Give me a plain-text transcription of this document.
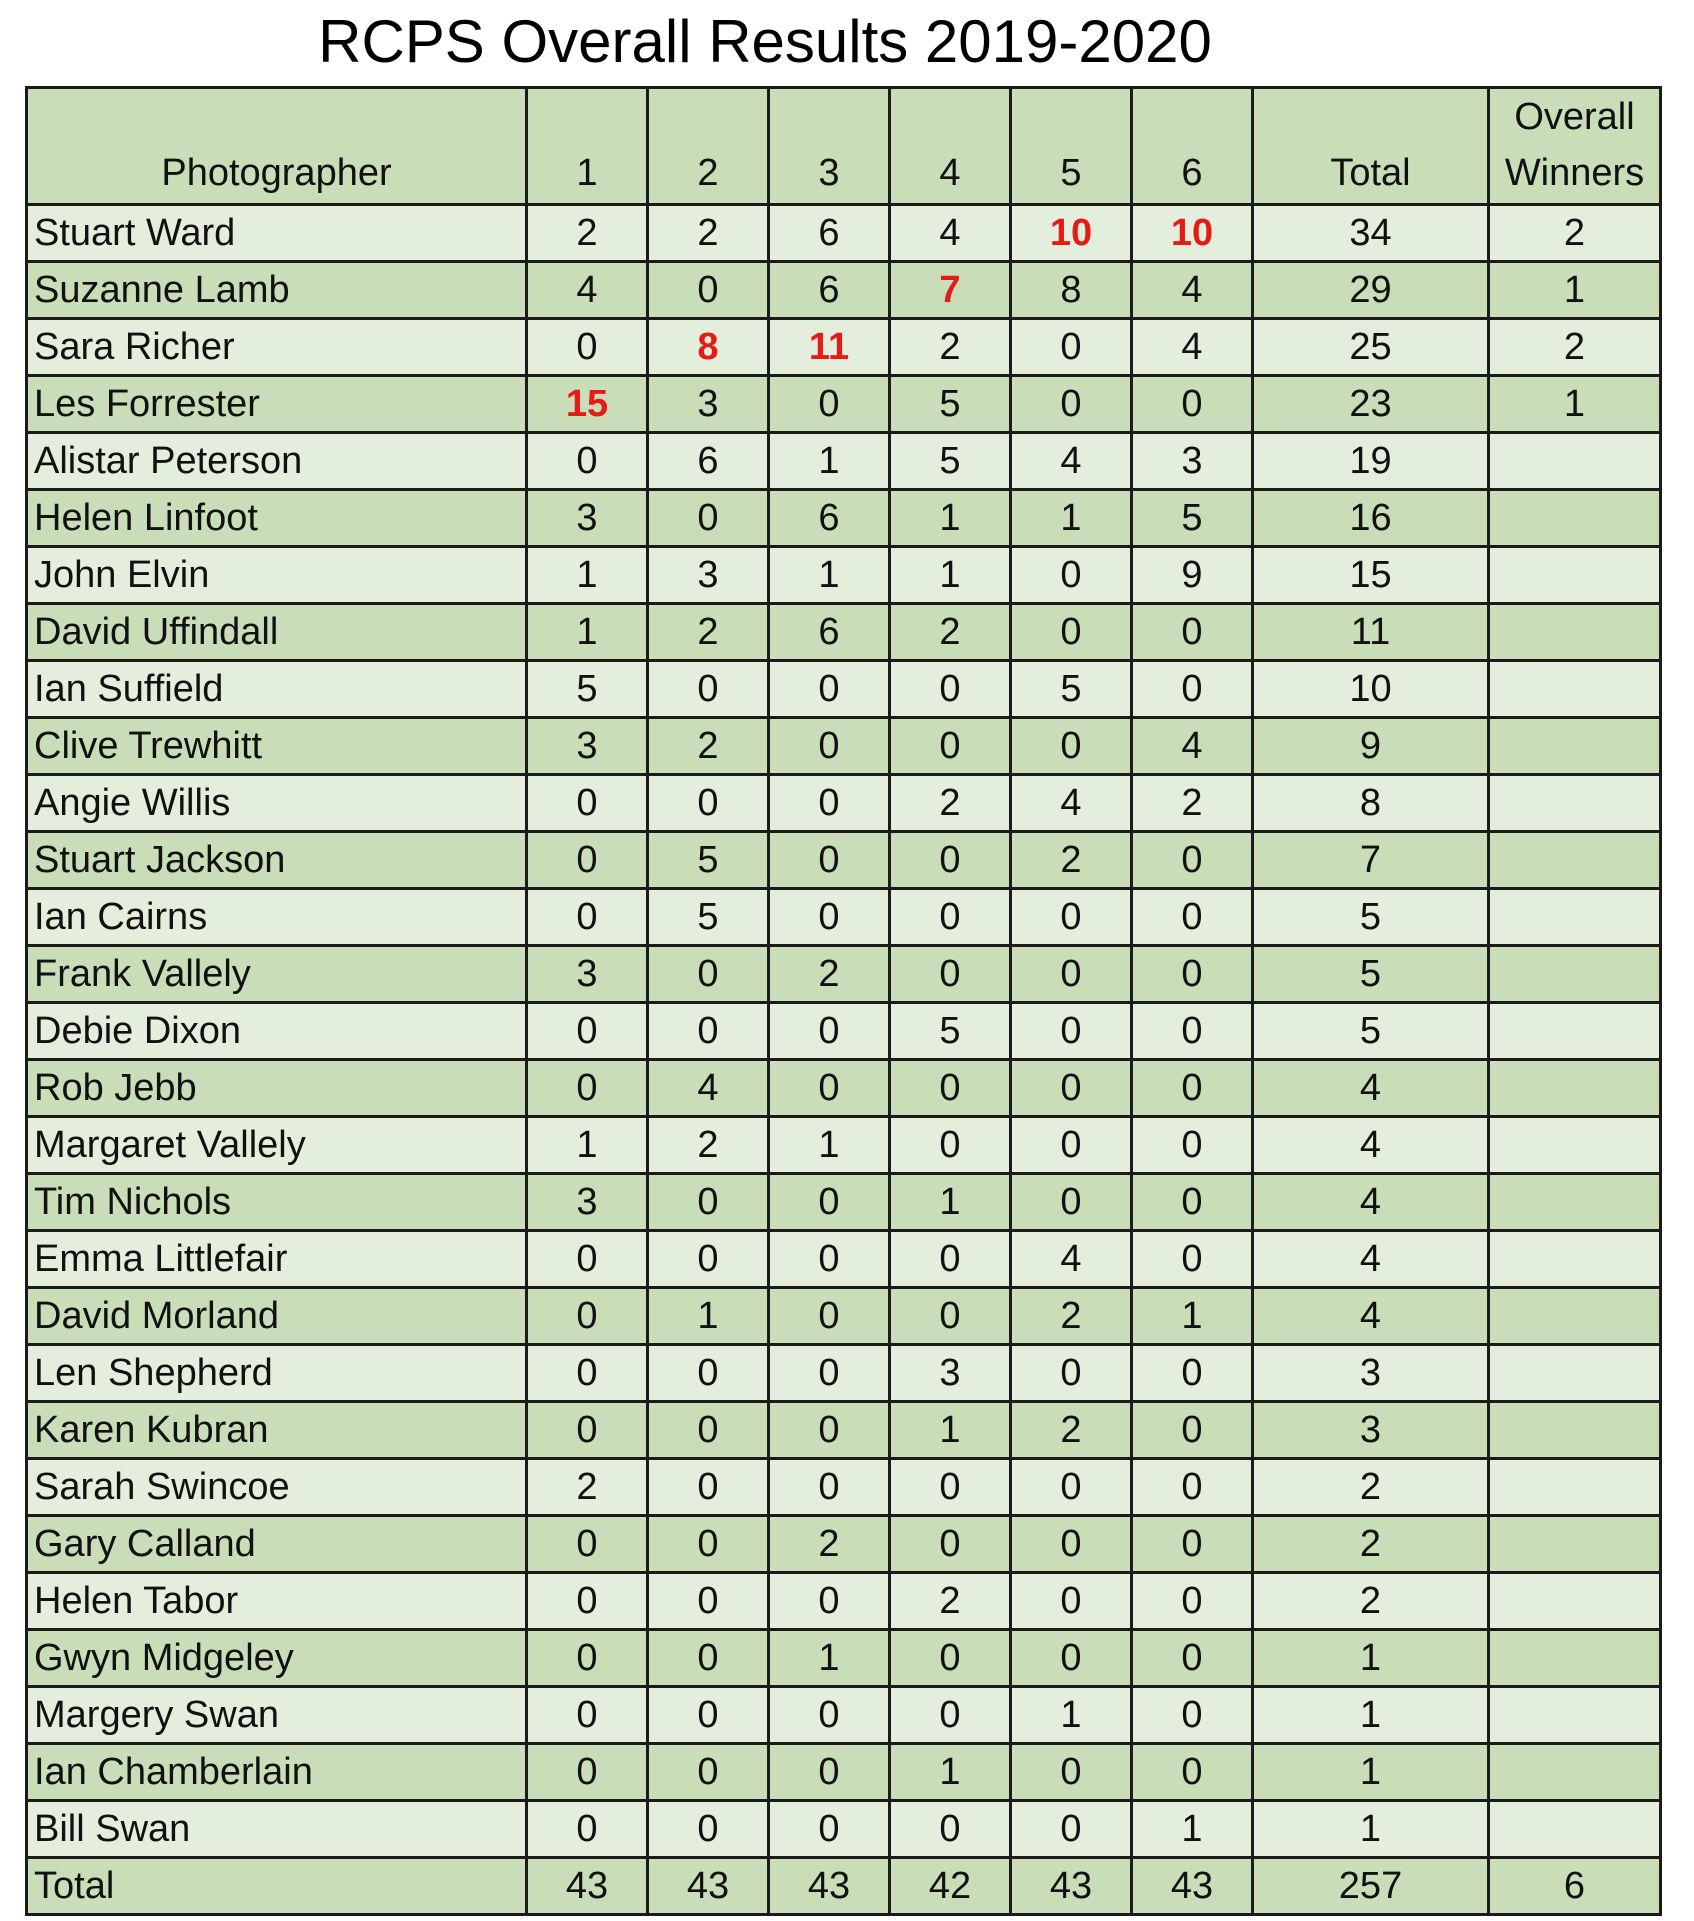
RCPS Overall Results 2019-2020
Photographer	1	2	3	4	5	6	Total	Overall Winners
Stuart Ward	2	2	6	4	10	10	34	2
Suzanne Lamb	4	0	6	7	8	4	29	1
Sara Richer	0	8	11	2	0	4	25	2
Les Forrester	15	3	0	5	0	0	23	1
Alistar Peterson	0	6	1	5	4	3	19	
Helen Linfoot	3	0	6	1	1	5	16	
John Elvin	1	3	1	1	0	9	15	
David Uffindall	1	2	6	2	0	0	11	
Ian Suffield	5	0	0	0	5	0	10	
Clive Trewhitt	3	2	0	0	0	4	9	
Angie Willis	0	0	0	2	4	2	8	
Stuart Jackson	0	5	0	0	2	0	7	
Ian Cairns	0	5	0	0	0	0	5	
Frank Vallely	3	0	2	0	0	0	5	
Debie Dixon	0	0	0	5	0	0	5	
Rob Jebb	0	4	0	0	0	0	4	
Margaret Vallely	1	2	1	0	0	0	4	
Tim Nichols	3	0	0	1	0	0	4	
Emma Littlefair	0	0	0	0	4	0	4	
David Morland	0	1	0	0	2	1	4	
Len Shepherd	0	0	0	3	0	0	3	
Karen Kubran	0	0	0	1	2	0	3	
Sarah Swincoe	2	0	0	0	0	0	2	
Gary Calland	0	0	2	0	0	0	2	
Helen Tabor	0	0	0	2	0	0	2	
Gwyn Midgeley	0	0	1	0	0	0	1	
Margery Swan	0	0	0	0	1	0	1	
Ian Chamberlain	0	0	0	1	0	0	1	
Bill Swan	0	0	0	0	0	1	1	
Total	43	43	43	42	43	43	257	6
